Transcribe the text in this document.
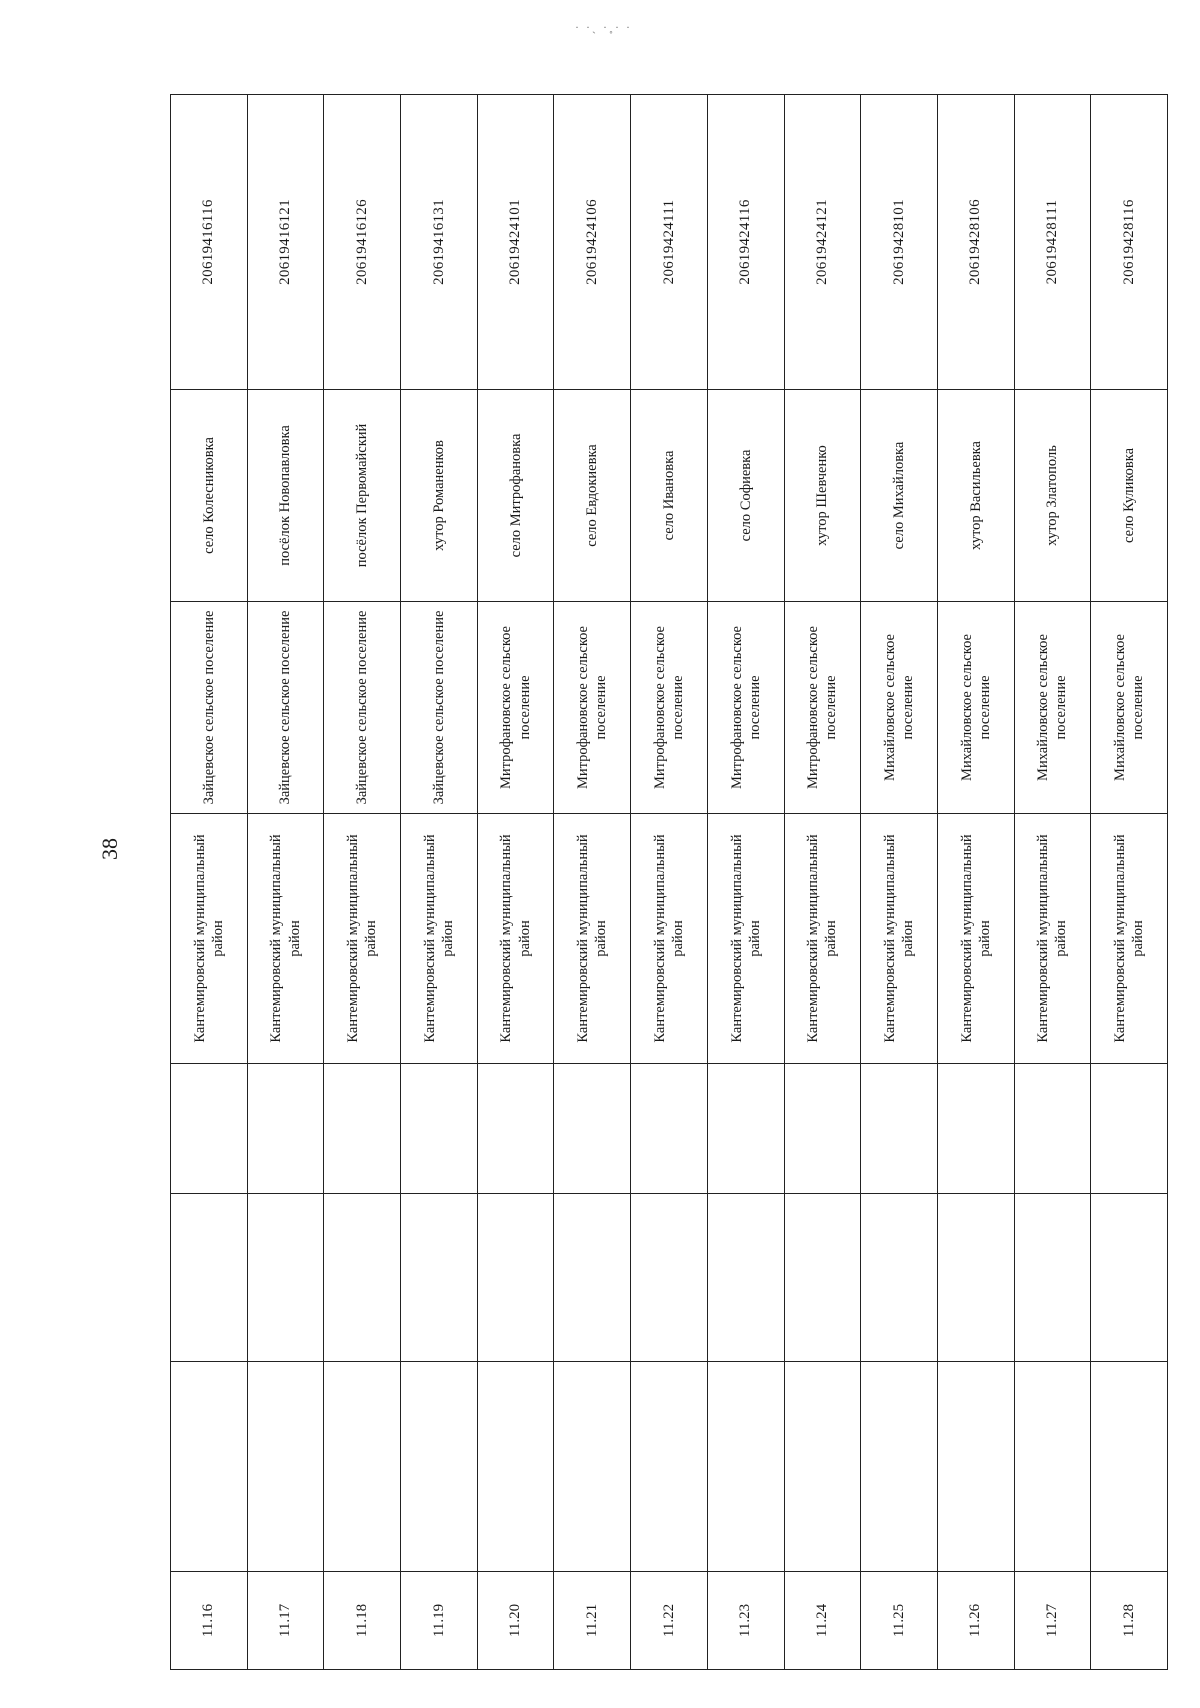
· ·ˏ ·˳· ·
38
11.16				Кантемировский муниципальный район	Зайцевское сельское поселение	село Колесниковка	20619416116
11.17				Кантемировский муниципальный район	Зайцевское сельское поселение	посёлок Новопавловка	20619416121
11.18				Кантемировский муниципальный район	Зайцевское сельское поселение	посёлок Первомайский	20619416126
11.19				Кантемировский муниципальный район	Зайцевское сельское поселение	хутор Романенков	20619416131
11.20				Кантемировский муниципальный район	Митрофановское сельское поселение	село Митрофановка	20619424101
11.21				Кантемировский муниципальный район	Митрофановское сельское поселение	село Евдокиевка	20619424106
11.22				Кантемировский муниципальный район	Митрофановское сельское поселение	село Ивановка	20619424111
11.23				Кантемировский муниципальный район	Митрофановское сельское поселение	село Софиевка	20619424116
11.24				Кантемировский муниципальный район	Митрофановское сельское поселение	хутор Шевченко	20619424121
11.25				Кантемировский муниципальный район	Михайловское сельское поселение	село Михайловка	20619428101
11.26				Кантемировский муниципальный район	Михайловское сельское поселение	хутор Васильевка	20619428106
11.27				Кантемировский муниципальный район	Михайловское сельское поселение	хутор Златополь	20619428111
11.28				Кантемировский муниципальный район	Михайловское сельское поселение	село Куликовка	20619428116
